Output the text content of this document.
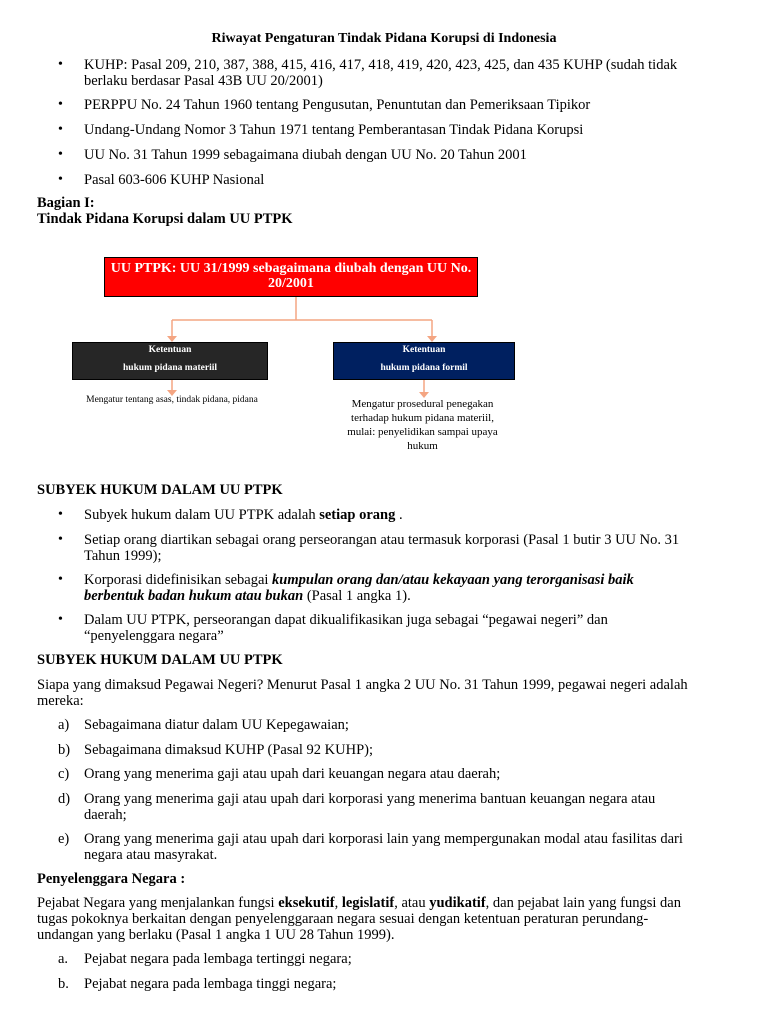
Riwayat Pengaturan Tindak Pidana Korupsi di Indonesia
• KUHP: Pasal 209, 210, 387, 388, 415, 416, 417, 418, 419, 420, 423, 425, dan 435 KUHP (sudah tidak
berlaku berdasar Pasal 43B UU 20/2001)
• PERPPU No. 24 Tahun 1960 tentang Pengusutan, Penuntutan dan Pemeriksaan Tipikor
• Undang-Undang Nomor 3 Tahun 1971 tentang Pemberantasan Tindak Pidana Korupsi
• UU No. 31 Tahun 1999 sebagaimana diubah dengan UU No. 20 Tahun 2001
• Pasal 603-606 KUHP Nasional
Bagian I:
Tindak Pidana Korupsi dalam UU PTPK
UU PTPK: UU 31/1999 sebagaimana diubah dengan UU No.
20/2001
Ketentuan
hukum pidana materiil
Ketentuan
hukum pidana formil
Mengatur tentang asas, tindak pidana, pidana	Mengatur prosedural penegakan
terhadap hukum pidana materiil,
mulai: penyelidikan sampai upaya
hukum
SUBYEK HUKUM DALAM UU PTPK
• Subyek hukum dalam UU PTPK adalah setiap orang .
• Setiap orang diartikan sebagai orang perseorangan atau termasuk korporasi (Pasal 1 butir 3 UU No. 31
Tahun 1999);
• Korporasi didefinisikan sebagai kumpulan orang dan/atau kekayaan yang terorganisasi baik
berbentuk badan hukum atau bukan (Pasal 1 angka 1).
• Dalam UU PTPK, perseorangan dapat dikualifikasikan juga sebagai “pegawai negeri” dan
“penyelenggara negara”
SUBYEK HUKUM DALAM UU PTPK
Siapa yang dimaksud Pegawai Negeri? Menurut Pasal 1 angka 2 UU No. 31 Tahun 1999, pegawai negeri adalah
mereka:
a) Sebagaimana diatur dalam UU Kepegawaian;
b) Sebagaimana dimaksud KUHP (Pasal 92 KUHP);
c) Orang yang menerima gaji atau upah dari keuangan negara atau daerah;
d) Orang yang menerima gaji atau upah dari korporasi yang menerima bantuan keuangan negara atau
daerah;
e) Orang yang menerima gaji atau upah dari korporasi lain yang mempergunakan modal atau fasilitas dari
negara atau masyrakat.
Penyelenggara Negara :
Pejabat Negara yang menjalankan fungsi eksekutif, legislatif, atau yudikatif, dan pejabat lain yang fungsi dan
tugas pokoknya berkaitan dengan penyelenggaraan negara sesuai dengan ketentuan peraturan perundang-
undangan yang berlaku (Pasal 1 angka 1 UU 28 Tahun 1999).
a. Pejabat negara pada lembaga tertinggi negara;
b. Pejabat negara pada lembaga tinggi negara;
